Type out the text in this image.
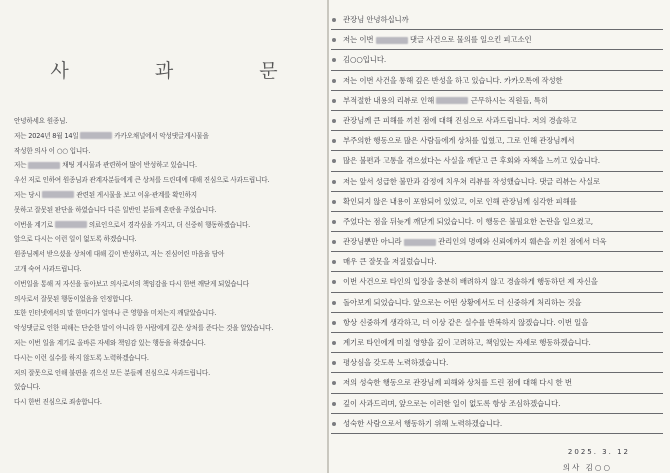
사 과 문
안녕하세요 원종님.
저는 2024년 8월 14일	카카오채널에서 악성댓글게시물을
작성한 의사 이 ○○ 입니다.
저는	채팅 게시물과 관련하여 많이 반성하고 있습니다.
우선 저로 인하여 원종님과 관계자분들에게 큰 상처를 드린데에 대해 진심으로 사과드립니다.
저는 당시	관련된 게시물을 보고 이유·관계를 확인하지
못하고 잘못된 판단을 하였습니다 다른 일반인 분들께 혼란을 주었습니다.
이번을 계기로	의료인으로서 경각심을 가지고, 더 신중히 행동하겠습니다.
앞으로 다시는 이런 일이 없도록 하겠습니다.
원종님께서 받으셨을 상처에 대해 깊이 반성하고, 저는 진심어린 마음을 담아
고개 숙여 사과드립니다.
이번일을 통해 저 자신을 돌아보고 의사로서의 책임감을 다시 한번 깨닫게 되었습니다
의사로서 잘못된 행동이었음을 인정합니다.
또한 인터넷에서의 말 한마디가 얼마나 큰 영향을 미치는지 깨달았습니다.
악성댓글로 인한 피해는 단순한 말이 아니라 한 사람에게 깊은 상처를 준다는 것을 알았습니다.
저는 이번 일을 계기로 올바른 자세와 책임감 있는 행동을 하겠습니다.
다시는 이런 실수를 하지 않도록 노력하겠습니다.
저의 잘못으로 인해 불편을 겪으신 모든 분들께 진심으로 사과드립니다.
있습니다.
다시 한번 진심으로 죄송합니다.
관장님 안녕하십니까
저는 이번	댓글 사건으로 물의를 일으킨 피고소인
김○○입니다.
저는 이번 사건을 통해 깊은 반성을 하고 있습니다. 카카오톡에 작성한
부적절한 내용의 리뷰로 인해	근무하시는 직원들, 특히
관장님께 큰 피해를 끼친 점에 대해 진심으로 사과드립니다. 저의 경솔하고
부주의한 행동으로 많은 사람들에게 상처를 입혔고, 그로 인해 관장님께서
많은 불편과 고통을 겪으셨다는 사실을 깨닫고 큰 후회와 자책을 느끼고 있습니다.
저는 앞서 성급한 불만과 감정에 치우쳐 리뷰를 작성했습니다. 댓글 리뷰는 사실로
확인되지 않은 내용이 포함되어 있었고, 이로 인해 관장님께 심각한 피해를
주었다는 점을 뒤늦게 깨닫게 되었습니다. 이 행동은 불필요한 논란을 일으켰고,
관장님뿐만 아니라	관리인의 명예와 신뢰에까지 훼손을 끼친 점에서 더욱
매우 큰 잘못을 저질렀습니다.
이번 사건으로 타인의 입장을 충분히 배려하지 않고 경솔하게 행동하던 제 자신을
돌아보게 되었습니다. 앞으로는 어떤 상황에서도 더 신중하게 처리하는 것을
항상 신중하게 생각하고, 더 이상 같은 실수를 반복하지 않겠습니다. 이번 일을
계기로 타인에게 미칠 영향을 깊이 고려하고, 책임있는 자세로 행동하겠습니다.
평상심을 갖도록 노력하겠습니다.
저의 성숙한 행동으로 관장님께 피해와 상처를 드린 점에 대해 다시 한 번
깊이 사과드리며, 앞으로는 이러한 일이 없도록 항상 조심하겠습니다.
성숙한 사람으로서 행동하기 위해 노력하겠습니다.
2025. 3. 12
의사 김○○
